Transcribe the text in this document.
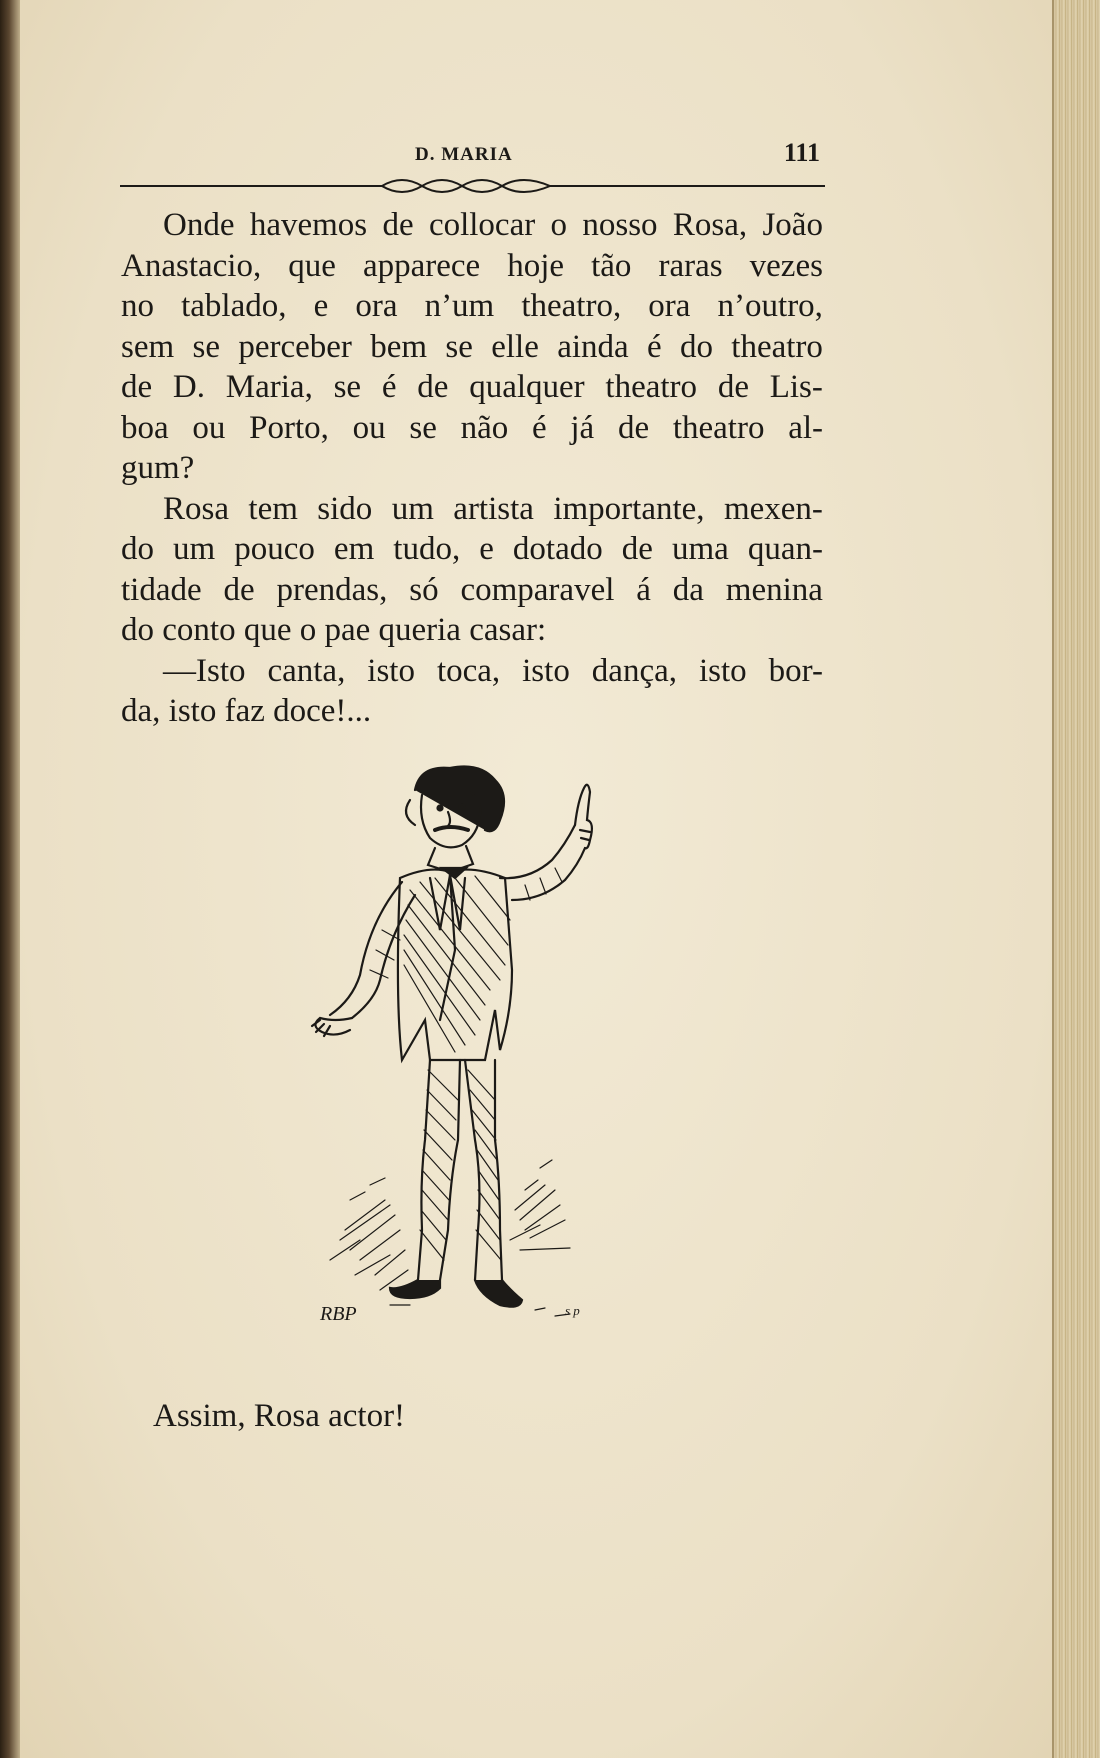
D. MARIA	111
Onde havemos de collocar o nosso Rosa, João
Anastacio, que apparece hoje tão raras vezes
no tablado, e ora n’um theatro, ora n’outro,
sem se perceber bem se elle ainda é do theatro
de D. Maria, se é de qualquer theatro de Lis-
boa ou Porto, ou se não é já de theatro al-
gum?
Rosa tem sido um artista importante, mexen-
do um pouco em tudo, e dotado de uma quan-
tidade de prendas, só comparavel á da menina
do conto que o pae queria casar:
—Isto canta, isto toca, isto dança, isto bor-
da, isto faz doce!...
RBP	s p
Assim, Rosa actor!
